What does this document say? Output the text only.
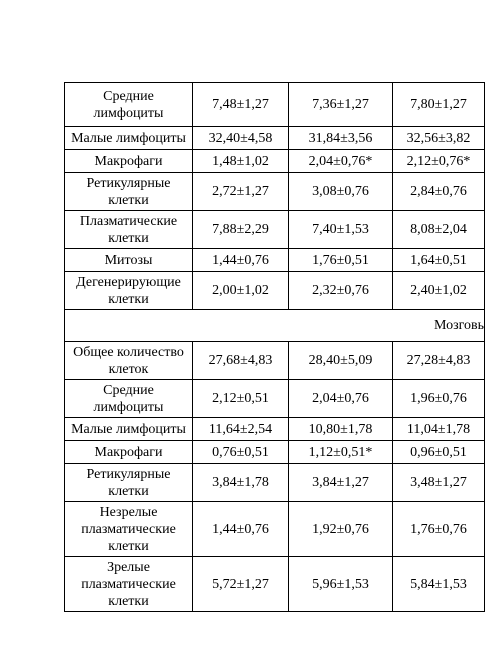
Средние лимфоциты	7,48±1,27	7,36±1,27	7,80±1,27
Малые лимфоциты	32,40±4,58	31,84±3,56	32,56±3,82
Макрофаги	1,48±1,02	2,04±0,76*	2,12±0,76*
Ретикулярные клетки	2,72±1,27	3,08±0,76	2,84±0,76
Плазматические клетки	7,88±2,29	7,40±1,53	8,08±2,04
Митозы	1,44±0,76	1,76±0,51	1,64±0,51
Дегенерирующие клетки	2,00±1,02	2,32±0,76	2,40±1,02
Мозговь			
Общее количество клеток	27,68±4,83	28,40±5,09	27,28±4,83
Средние лимфоциты	2,12±0,51	2,04±0,76	1,96±0,76
Малые лимфоциты	11,64±2,54	10,80±1,78	11,04±1,78
Макрофаги	0,76±0,51	1,12±0,51*	0,96±0,51
Ретикулярные клетки	3,84±1,78	3,84±1,27	3,48±1,27
Незрелые плазматические клетки	1,44±0,76	1,92±0,76	1,76±0,76
Зрелые плазматические клетки	5,72±1,27	5,96±1,53	5,84±1,53
